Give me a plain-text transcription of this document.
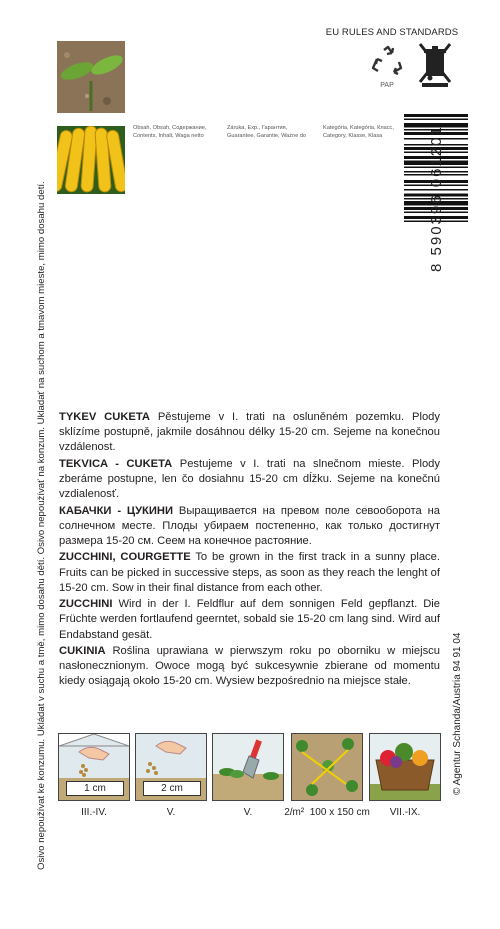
EU RULES AND STANDARDS
PAP
Osivo nepoužívat ke konzumu. Ukládat v suchu a tmě, mimo dosahu dětí. Osivo nepoužívať na konzum. Ukladať na suchom a tmavom mieste, mimo dosahu detí.
Obsah, Obsah, Содержание,
Contents, Inhalt, Waga netto
Záruka, Exp., Гарантия,
Guarantee, Garantie, Ważne do
Kategória, Kategória, Класс,
Category, Klasse, Klasa	8 590396 061201
© Agentur Schanda/Austria 94 91 04

TYKEV CUKETA Pěstujeme v I. trati na osluněném pozemku. Plody sklízíme postupně, jakmile dosáhnou délky 15-20 cm. Sejeme na konečnou vzdálenost.

TEKVICA - CUKETA Pestujeme v I. trati na slnečnom mieste. Plody zberáme postupne, len čo dosiahnu 15-20 cm dĺžku. Sejeme na konečnú vzdialenosť.

КАБАЧКИ - ЦУКИНИ Выращивается на превом поле севооборота на солнечном месте. Плоды убираем постепенно, как только достигнут размера 15-20 см. Сеем на конечное растояние.

ZUCCHINI, COURGETTE To be grown in the first track in a sunny place. Fruits can be picked in successive steps, as soon as they reach the lenght of 15-20 cm. Sow in their final distance from each other.

ZUCCHINI Wird in der I. Feldflur auf dem sonnigen Feld gepflanzt. Die Früchte werden fortlaufend geerntet, sobald sie 15-20 cm lang sind. Wird auf Endabstand gesät.

CUKINIA Roślina uprawiana w pierwszym roku po oborniku w miejscu nasłonecznionym. Owoce mogą być sukcesywnie zbierane od momentu kiedy osiągają około 15-20 cm. Wysiew bezpośrednio na miejsce stałe.

1 cm
III.-IV.
2 cm
V.	V.	2/m² 100 x 150 cm	VII.-IX.
